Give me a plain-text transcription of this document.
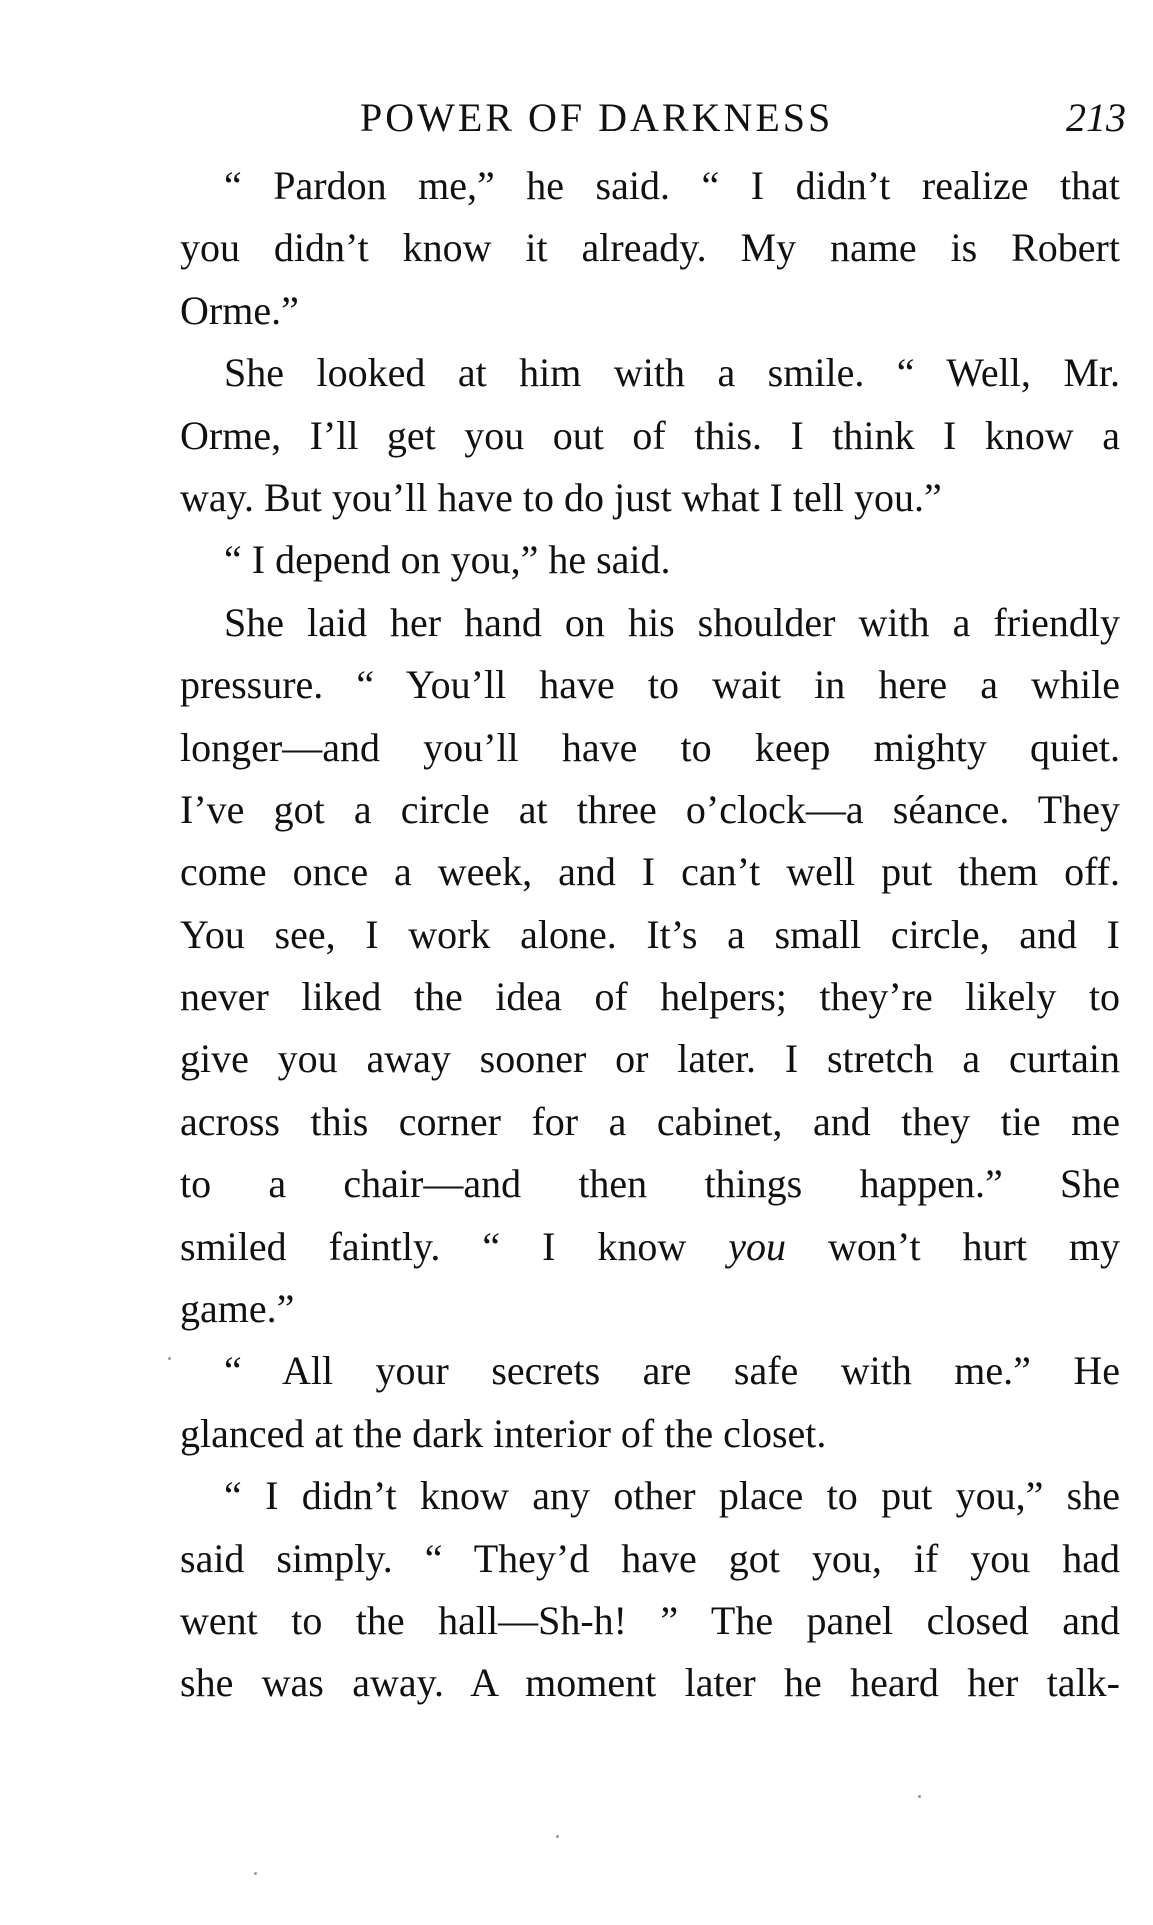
POWER OF DARKNESS	213
“ Pardon me,” he said. “ I didn’t realize that
you didn’t know it already. My name is Robert
Orme.”
She looked at him with a smile. “ Well, Mr.
Orme, I’ll get you out of this. I think I know a
way. But you’ll have to do just what I tell you.”
“ I depend on you,” he said.
She laid her hand on his shoulder with a friendly
pressure. “ You’ll have to wait in here a while
longer—and you’ll have to keep mighty quiet.
I’ve got a circle at three o’clock—a séance. They
come once a week, and I can’t well put them off.
You see, I work alone. It’s a small circle, and I
never liked the idea of helpers; they’re likely to
give you away sooner or later. I stretch a curtain
across this corner for a cabinet, and they tie me
to a chair—and then things happen.” She
smiled faintly. “ I know you won’t hurt my
game.”
“ All your secrets are safe with me.” He
glanced at the dark interior of the closet.
“ I didn’t know any other place to put you,” she
said simply. “ They’d have got you, if you had
went to the hall—Sh-h! ” The panel closed and
she was away. A moment later he heard her talk-
